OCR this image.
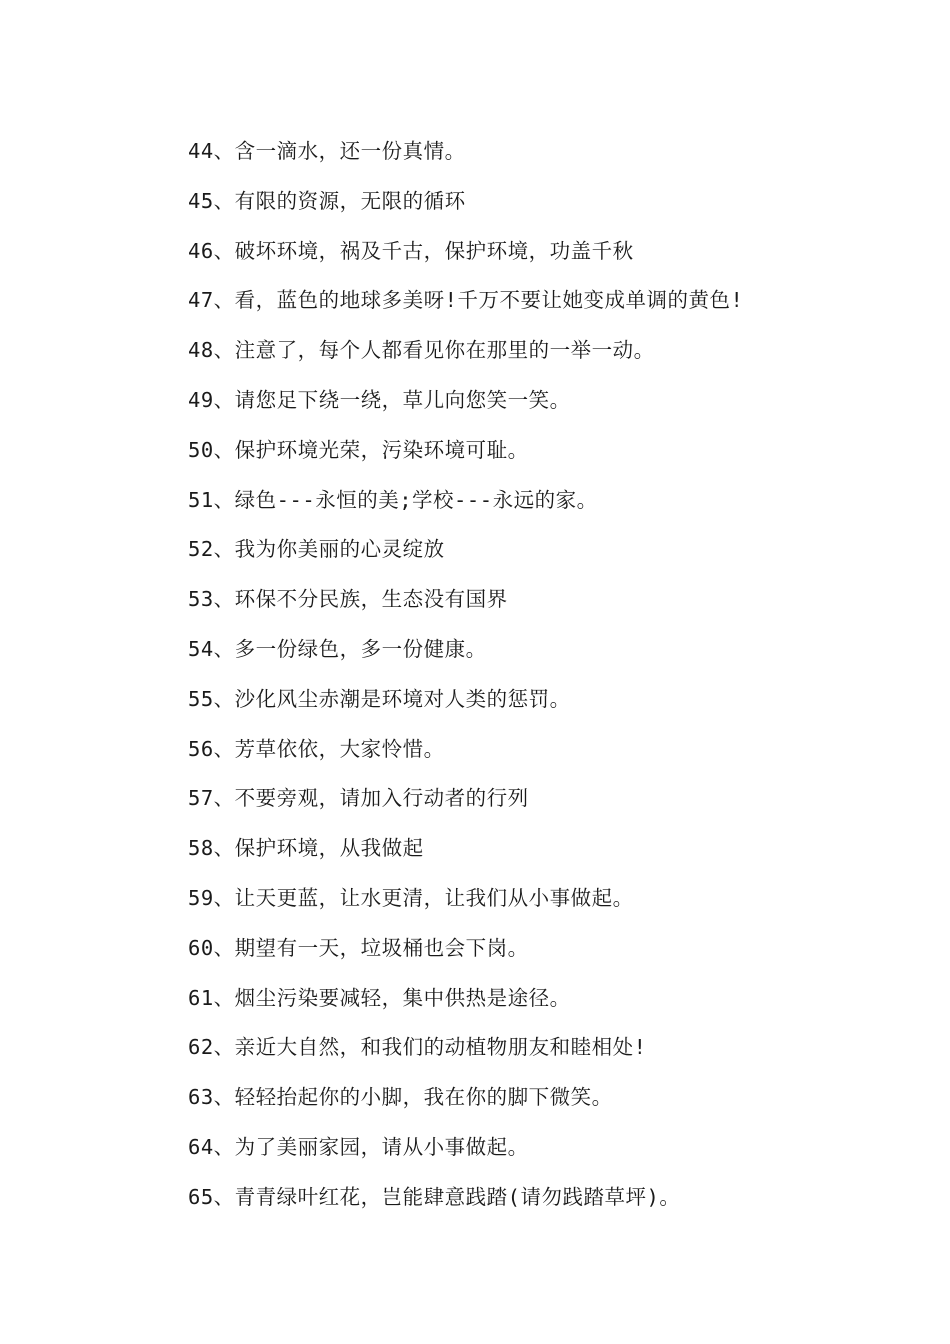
44、含一滴水，还一份真情。
45、有限的资源，无限的循环
46、破坏环境，祸及千古，保护环境，功盖千秋
47、看，蓝色的地球多美呀!千万不要让她变成单调的黄色!
48、注意了，每个人都看见你在那里的一举一动。
49、请您足下绕一绕，草儿向您笑一笑。
50、保护环境光荣，污染环境可耻。
51、绿色---永恒的美;学校---永远的家。
52、我为你美丽的心灵绽放
53、环保不分民族，生态没有国界
54、多一份绿色，多一份健康。
55、沙化风尘赤潮是环境对人类的惩罚。
56、芳草依依，大家怜惜。
57、不要旁观，请加入行动者的行列
58、保护环境，从我做起
59、让天更蓝，让水更清，让我们从小事做起。
60、期望有一天，垃圾桶也会下岗。
61、烟尘污染要减轻，集中供热是途径。
62、亲近大自然，和我们的动植物朋友和睦相处!
63、轻轻抬起你的小脚，我在你的脚下微笑。
64、为了美丽家园，请从小事做起。
65、青青绿叶红花，岂能肆意践踏(请勿践踏草坪)。
